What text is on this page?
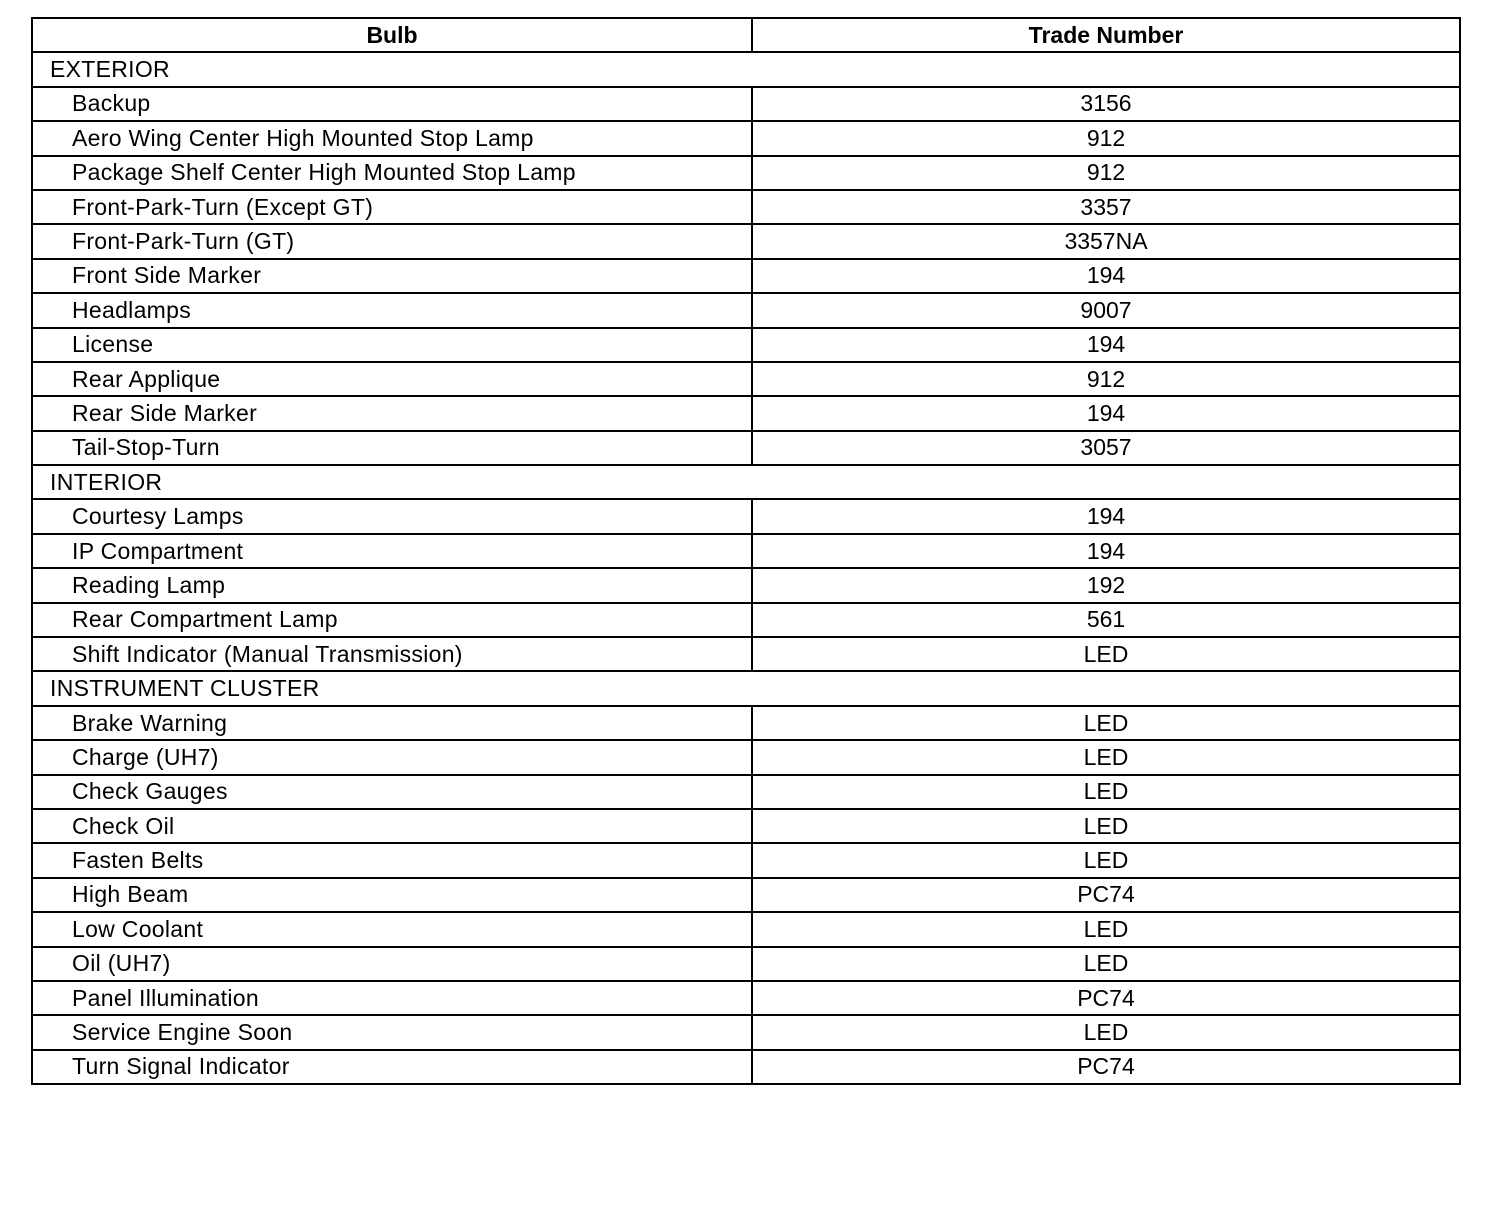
Bulb	Trade Number
EXTERIOR	
Backup	3156
Aero Wing Center High Mounted Stop Lamp	912
Package Shelf Center High Mounted Stop Lamp	912
Front-Park-Turn (Except GT)	3357
Front-Park-Turn (GT)	3357NA
Front Side Marker	194
Headlamps	9007
License	194
Rear Applique	912
Rear Side Marker	194
Tail-Stop-Turn	3057
INTERIOR	
Courtesy Lamps	194
IP Compartment	194
Reading Lamp	192
Rear Compartment Lamp	561
Shift Indicator (Manual Transmission)	LED
INSTRUMENT CLUSTER	
Brake Warning	LED
Charge (UH7)	LED
Check Gauges	LED
Check Oil	LED
Fasten Belts	LED
High Beam	PC74
Low Coolant	LED
Oil (UH7)	LED
Panel Illumination	PC74
Service Engine Soon	LED
Turn Signal Indicator	PC74
